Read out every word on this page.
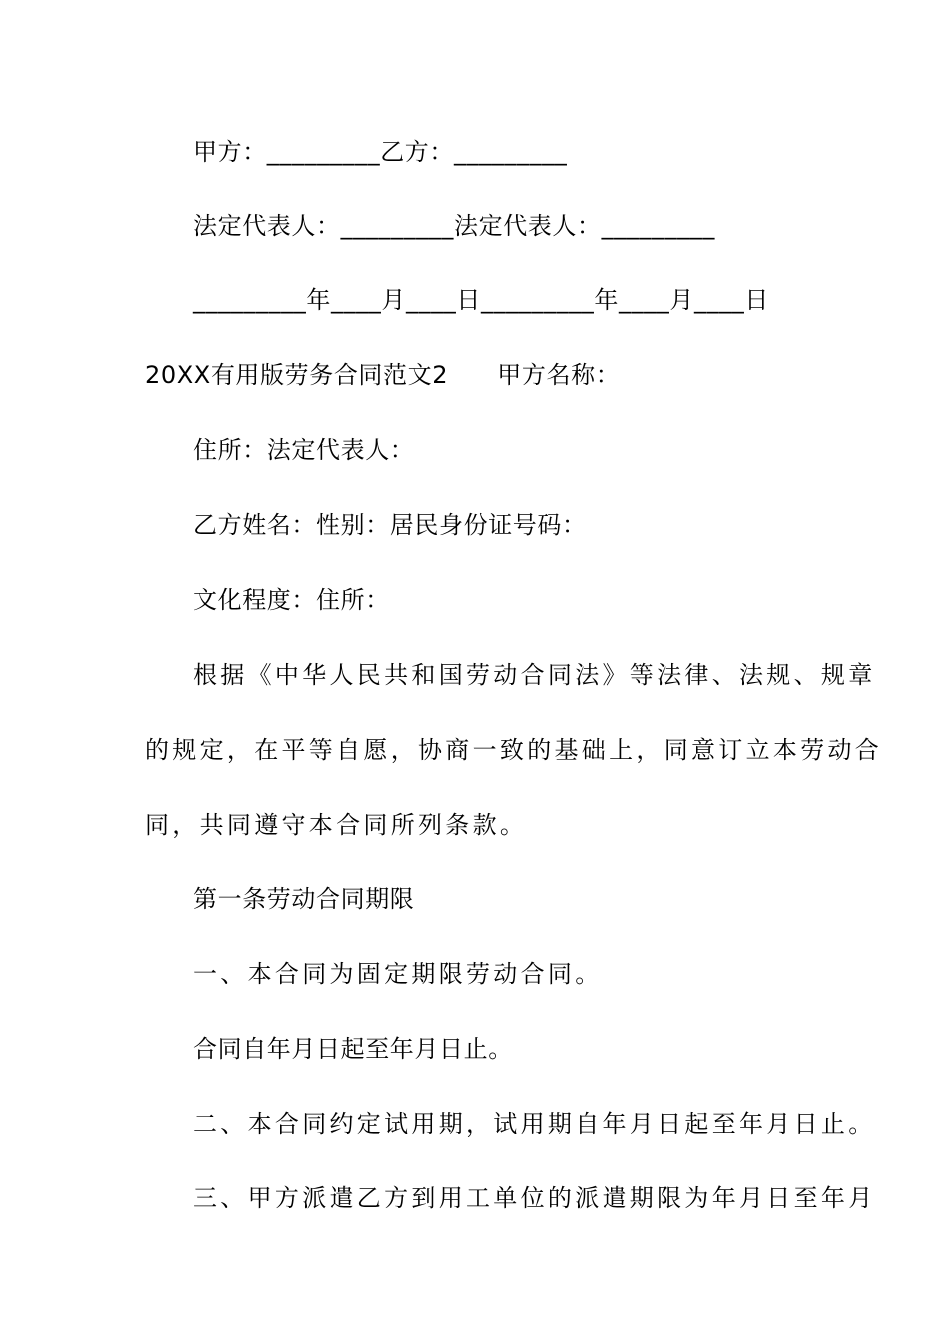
甲方：_________乙方：_________
法定代表人：_________法定代表人：_________
_________年____月____日_________年____月____日
20XX有用版劳务合同范文2　　甲方名称：
住所：法定代表人：
乙方姓名：性别：居民身份证号码：
文化程度：住所：
根据《中华人民共和国劳动合同法》等法律、法规、规章
的规定，在平等自愿，协商一致的基础上，同意订立本劳动合
同，共同遵守本合同所列条款。
第一条劳动合同期限
一、本合同为固定期限劳动合同。
合同自年月日起至年月日止。
二、本合同约定试用期，试用期自年月日起至年月日止。
三、甲方派遣乙方到用工单位的派遣期限为年月日至年月
